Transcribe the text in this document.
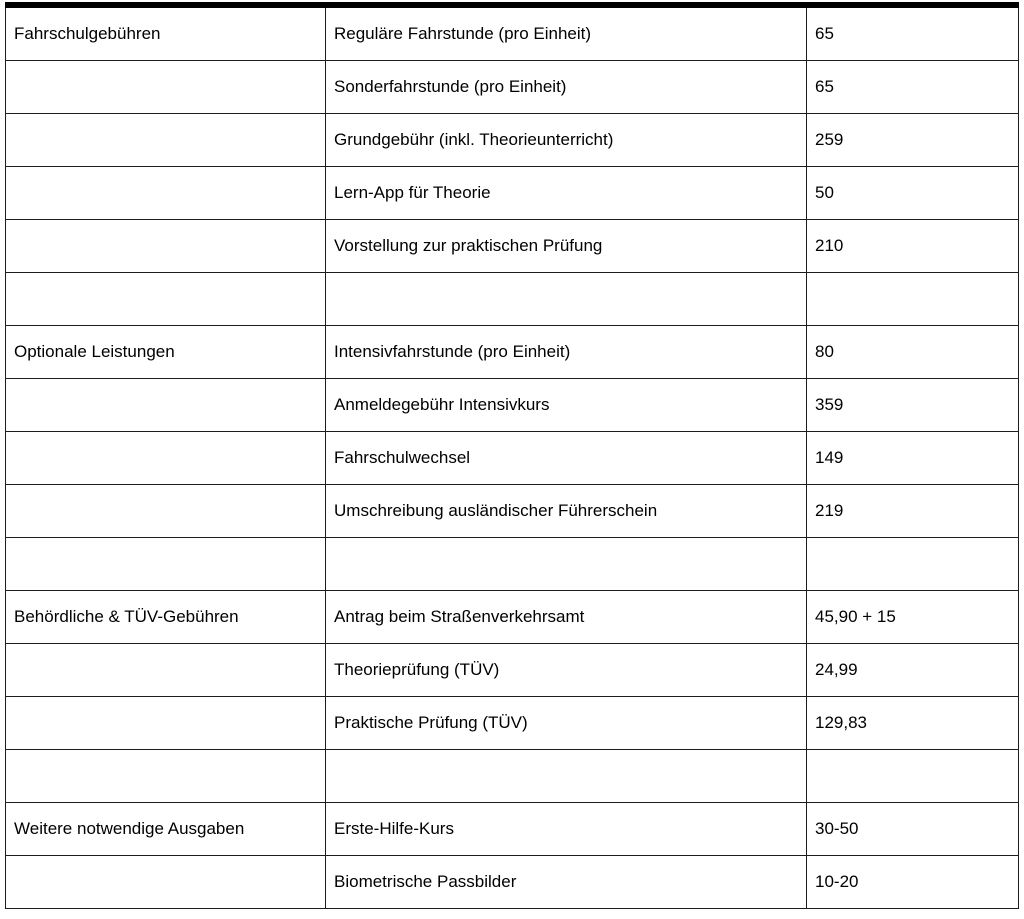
Fahrschulgebühren	Reguläre Fahrstunde (pro Einheit)	65
	Sonderfahrstunde (pro Einheit)	65
	Grundgebühr (inkl. Theorieunterricht)	259
	Lern-App für Theorie	50
	Vorstellung zur praktischen Prüfung	210

Optionale Leistungen	Intensivfahrstunde (pro Einheit)	80
	Anmeldegebühr Intensivkurs	359
	Fahrschulwechsel	149
	Umschreibung ausländischer Führerschein	219

Behördliche & TÜV-Gebühren	Antrag beim Straßenverkehrsamt	45,90 + 15
	Theorieprüfung (TÜV)	24,99
	Praktische Prüfung (TÜV)	129,83

Weitere notwendige Ausgaben	Erste-Hilfe-Kurs	30-50
	Biometrische Passbilder	10-20
